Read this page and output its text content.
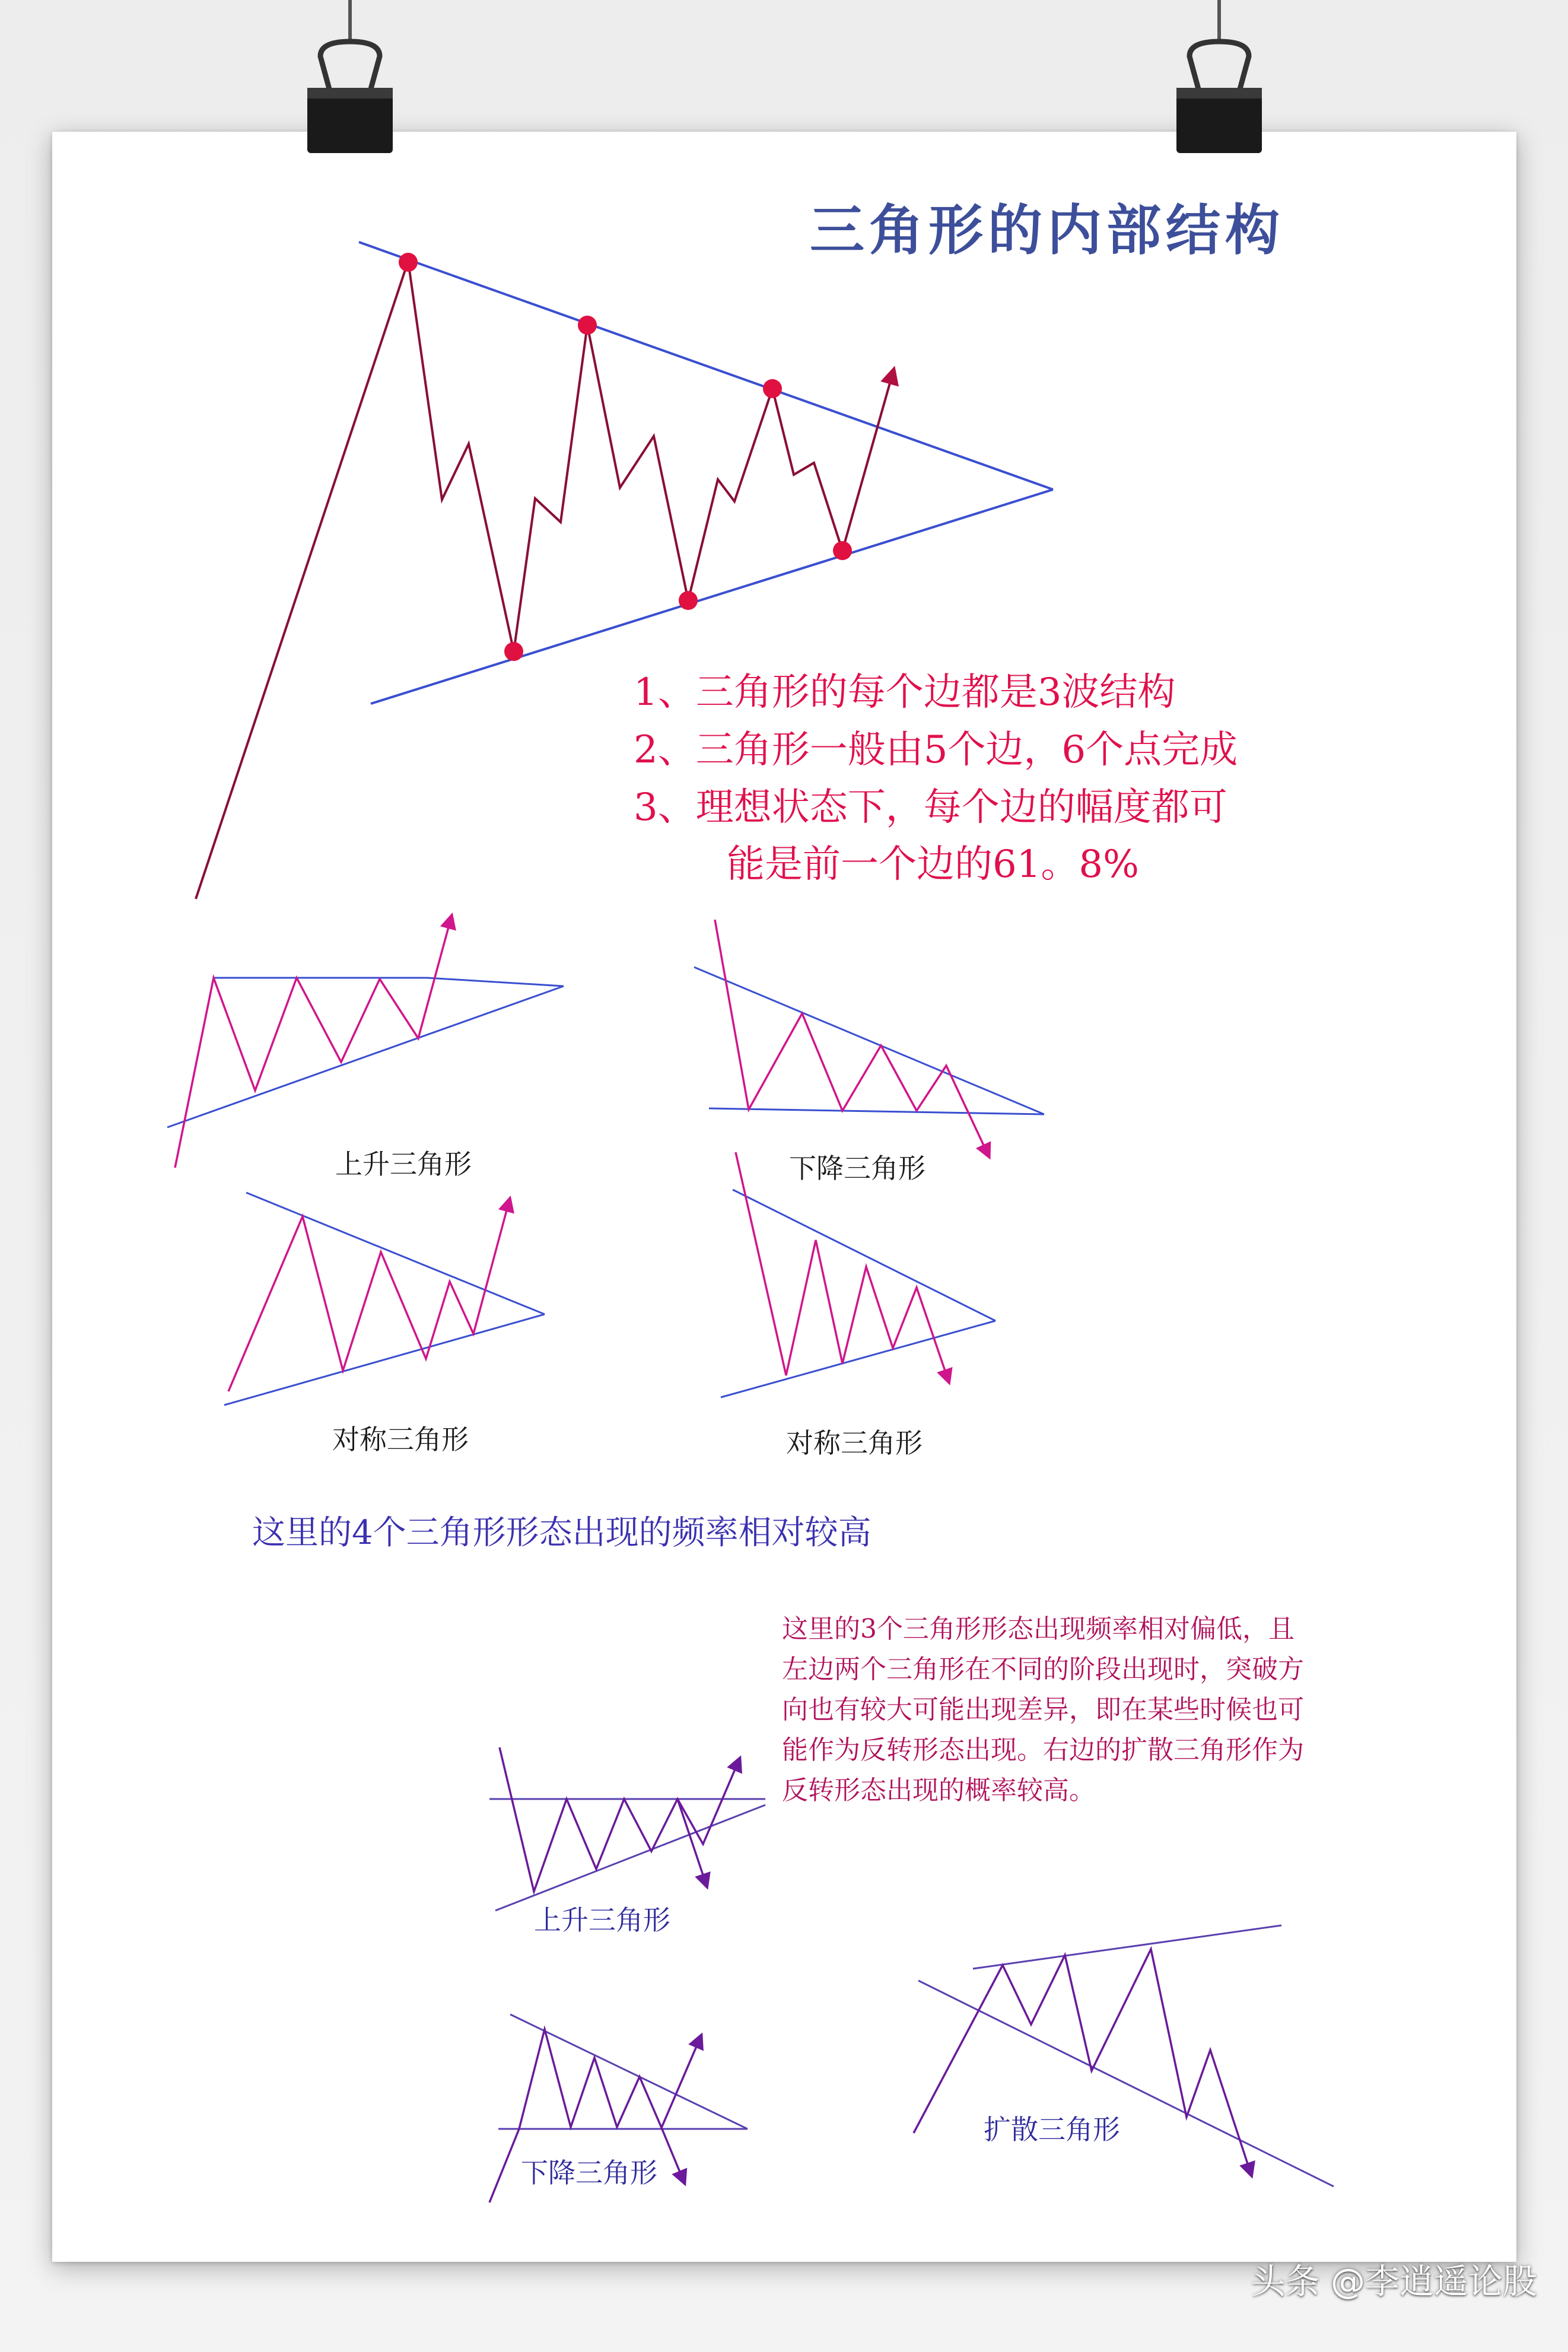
三角形的内部结构
1、三角形的每个边都是3波结构
2、三角形一般由5个边，6个点完成
3、理想状态下，每个边的幅度都可
能是前一个边的61。8%
上升三角形	下降三角形
对称三角形	对称三角形
这里的4个三角形形态出现的频率相对较高
这里的3个三角形形态出现频率相对偏低，且
左边两个三角形在不同的阶段出现时，突破方
向也有较大可能出现差异，即在某些时候也可
能作为反转形态出现。右边的扩散三角形作为
反转形态出现的概率较高。
上升三角形
下降三角形
扩散三角形
头条 @李逍遥论股
